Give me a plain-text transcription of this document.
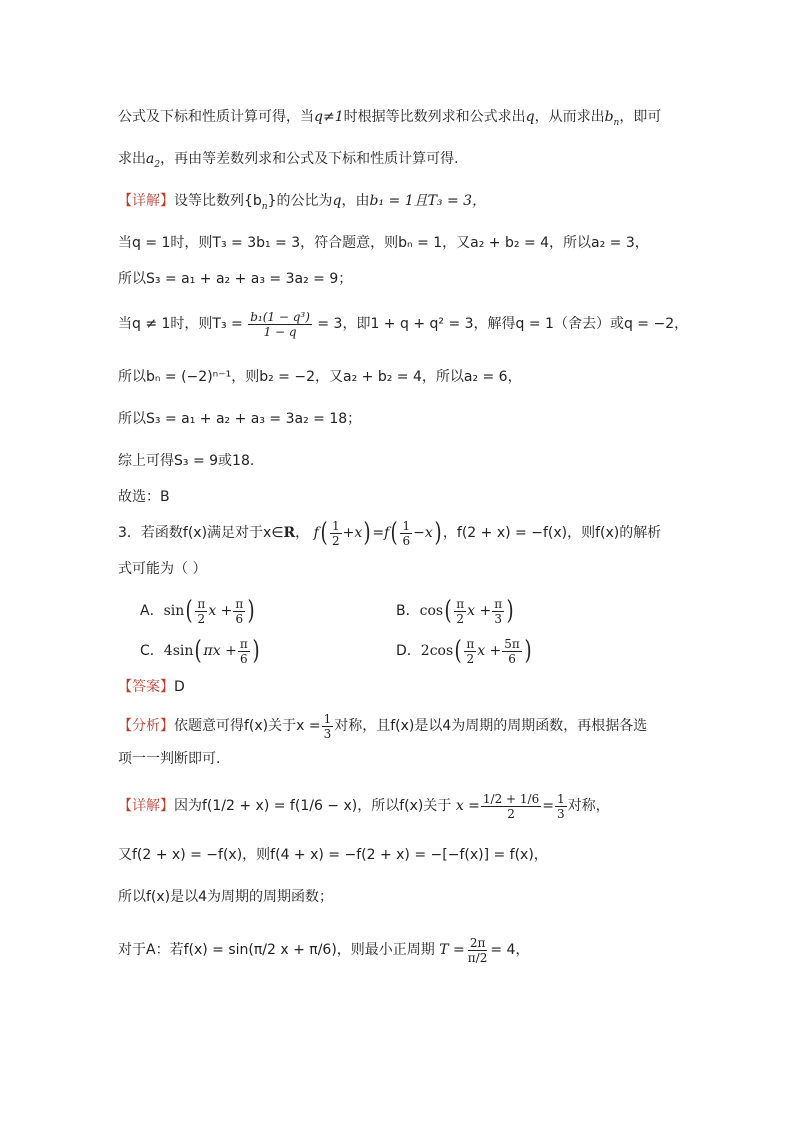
公式及下标和性质计算可得，当q≠1时根据等比数列求和公式求出q，从而求出$b_n$，即可
求出$a_2$，再由等差数列求和公式及下标和性质计算可得.
【详解】设等比数列$\{b_n\}$的公比为q，由b₁ = 1且T₃ = 3，
当q = 1时，则T₃ = 3b₁ = 3，符合题意，则bₙ = 1，又a₂ + b₂ = 4，所以a₂ = 3，
所以S₃ = a₁ + a₂ + a₃ = 3a₂ = 9；
当q ≠ 1时，则$T_3 = \frac{\text{b₁(1 − q³)}}{1 - q} = 3$，即1 + q + q² = 3，解得q = 1（舍去）或q = −2，
所以bₙ = (−2)ⁿ⁻¹，则b₂ = −2，又a₂ + b₂ = 4，所以a₂ = 6，
所以S₃ = a₁ + a₂ + a₃ = 3a₂ = 18；
综上可得S₃ = 9或18.
故选：B
3．若函数f(x)满足对于x∈R， $f( \frac{1}{2} +x) =f( \frac{1}{6} -x)$ ，f(2 + x) = −f(x)，则f(x)的解析
式可能为（ ）
A．$\sin( \frac{\pi}{2}$ $x + \frac{\pi}{6}$ )	B．$\cos( \frac{\pi}{2}$ $x + \frac{\pi}{3}$ )
C．4sin( $\pi x + \frac{\pi}{6}$ )	D．$2\cos( \frac{\pi}{2}$ $x + \frac{5\pi}{6}$ )
【答案】D
【分析】依题意可得f(x)关于$x = \frac{1}{3}$ 对称，且f(x)是以4为周期的周期函数，再根据各选
项一一判断即可.
【详解】因为f(1/2 + x) = f(1/6 − x)，所以f(x)关于 $x = \frac{1/2 + 1/6}{2} = \frac{1}{3}$ 对称，
又f(2 + x) = −f(x)，则f(4 + x) = −f(2 + x) = −[−f(x)] = f(x)，
所以f(x)是以4为周期的周期函数；
对于A：若f(x) = sin(π/2 x + π/6)，则最小正周期 $T = \frac{2\pi}{\pi/2} = 4$，
